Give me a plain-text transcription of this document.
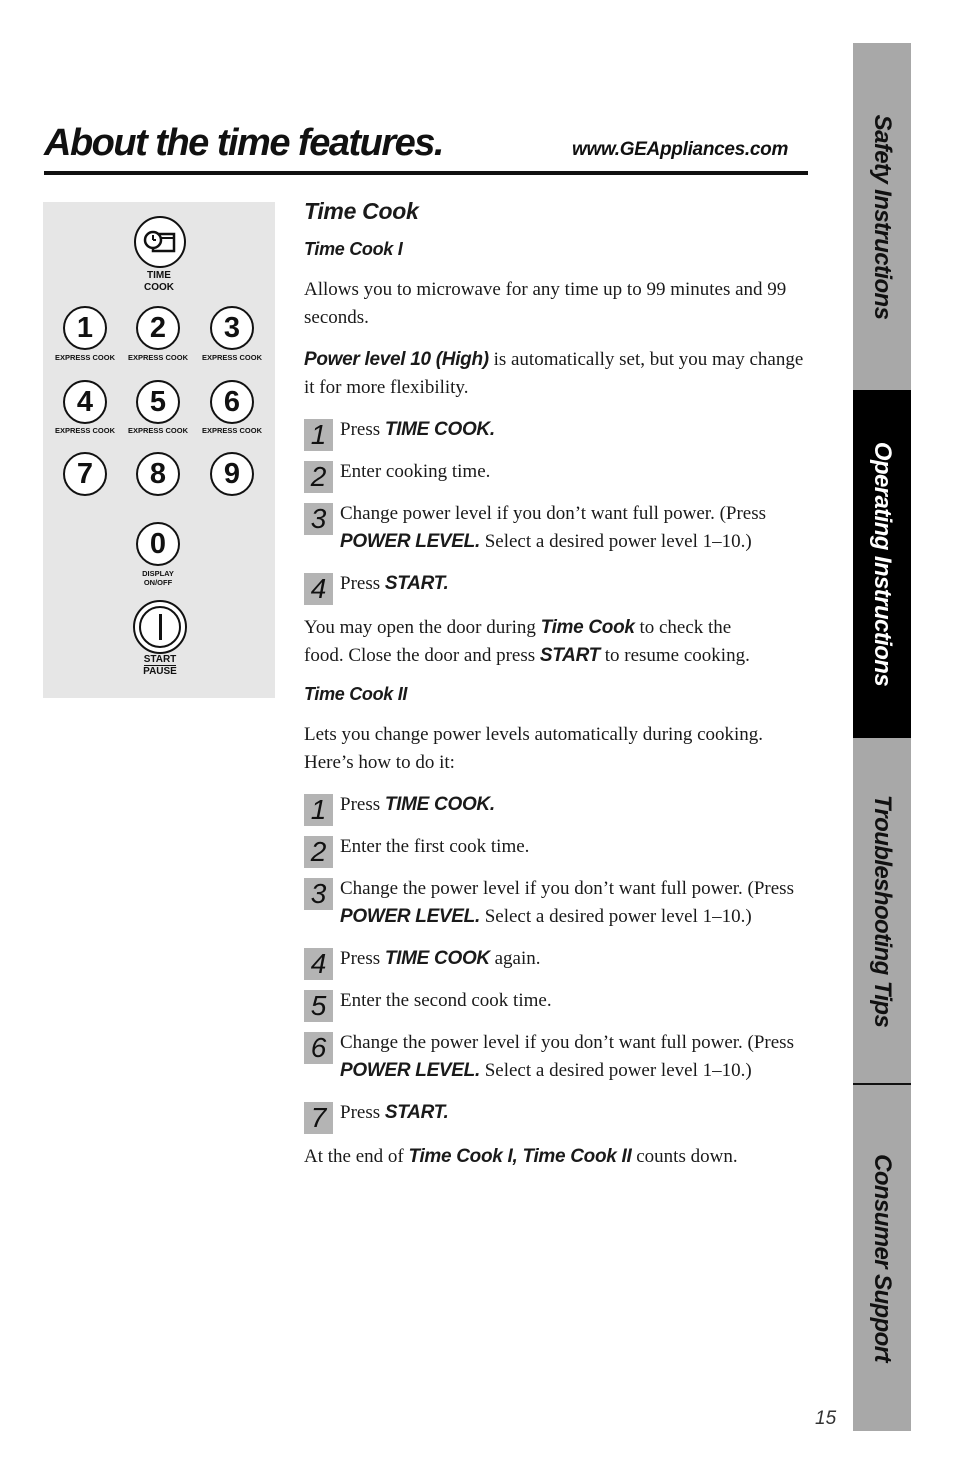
About the time features.	www.GEAppliances.com
TIME
COOK
1
EXPRESS COOK
2
EXPRESS COOK
3
EXPRESS COOK
4
EXPRESS COOK
5
EXPRESS COOK
6
EXPRESS COOK
7	8	9
0
DISPLAY
ON/OFF
START
PAUSE
Time Cook
Time Cook I

Allows you to microwave for any time up to 99 minutes and 99 seconds.

Power level 10 (High) is automatically set, but you may change it for more flexibility.

1 Press TIME COOK.
2 Enter cooking time.
3 Change power level if you don’t want full power. (Press POWER LEVEL. Select a desired power level 1–10.)
4 Press START.

You may open the door during Time Cook to check the food. Close the door and press START to resume cooking.

Time Cook II

Lets you change power levels automatically during cooking. Here’s how to do it:

1 Press TIME COOK.
2 Enter the first cook time.
3 Change the power level if you don’t want full power. (Press POWER LEVEL. Select a desired power level 1–10.)
4 Press TIME COOK again.
5 Enter the second cook time.
6 Change the power level if you don’t want full power. (Press POWER LEVEL. Select a desired power level 1–10.)
7 Press START.

At the end of Time Cook I, Time Cook II counts down.

Safety Instructions
Operating Instructions
Troubleshooting Tips
Consumer Support
15
